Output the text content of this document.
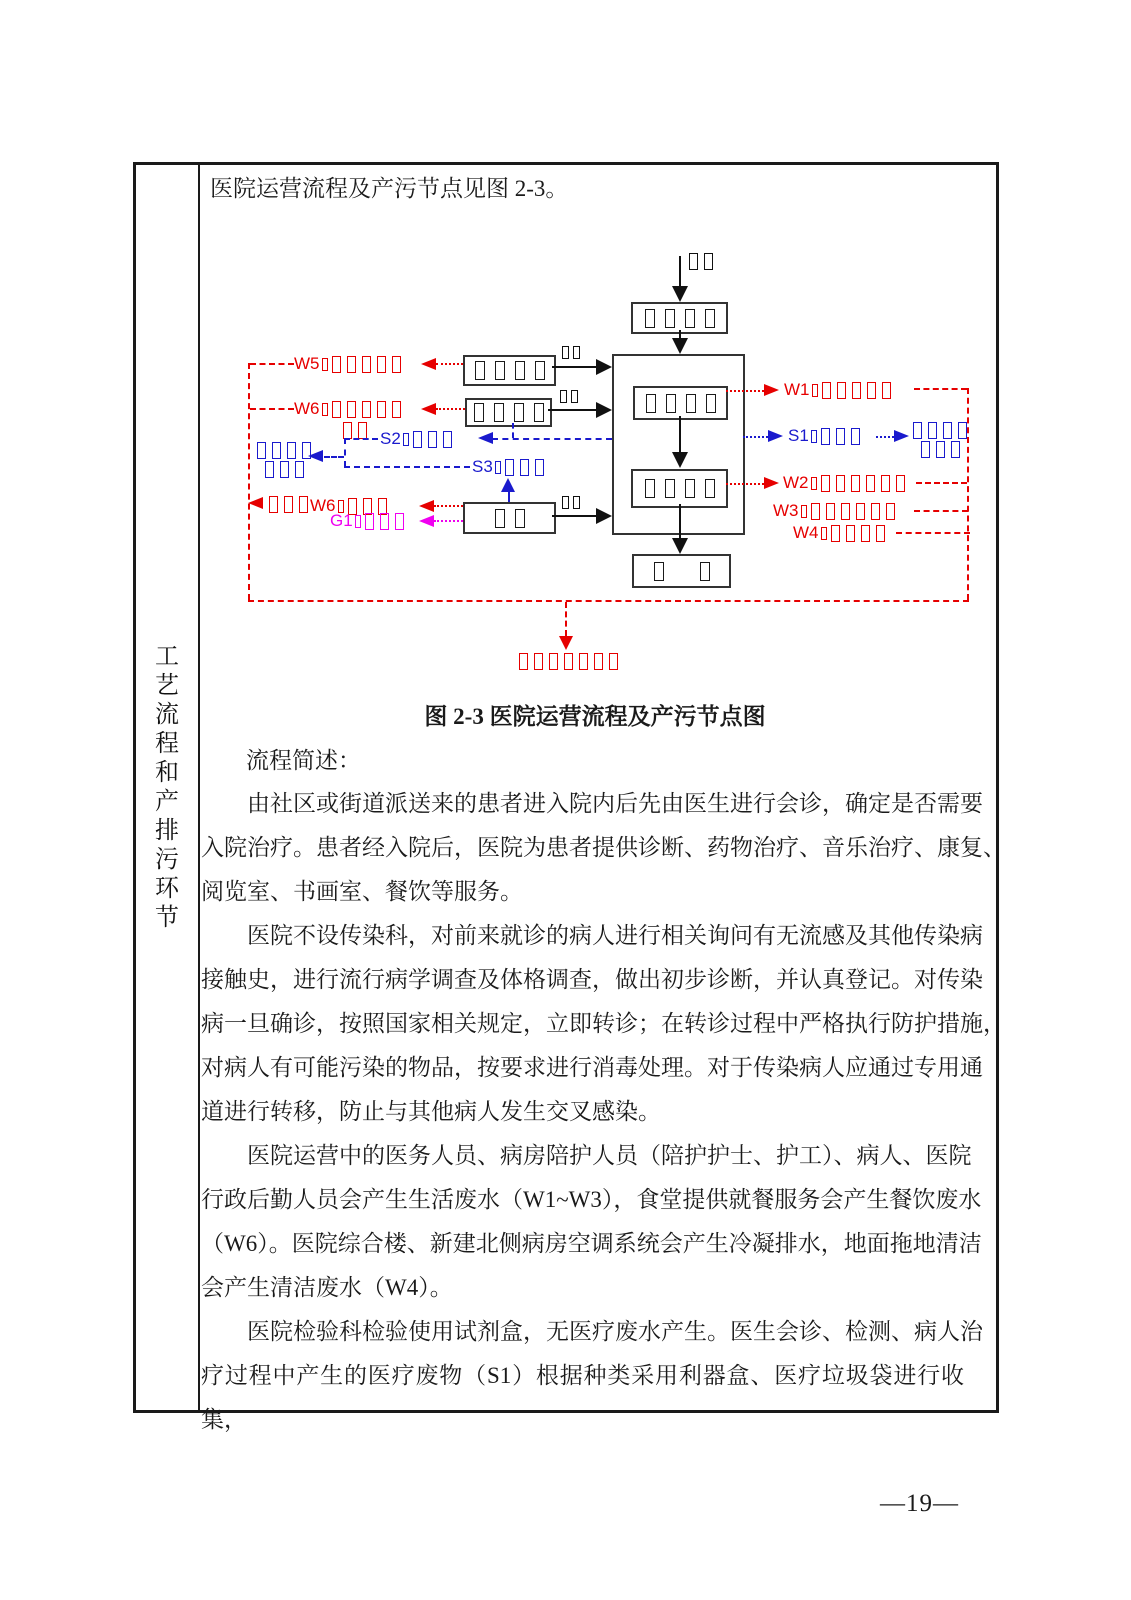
工
艺
流
程
和
产
排
污
环
节
医院运营流程及产污节点见图 2-3。
W5
W6
S2
S3
W6
G1
W1
S1
W2
W3
W4
图 2-3 医院运营流程及产污节点图
流程简述：
由社区或街道派送来的患者进入院内后先由医生进行会诊，确定是否需要
入院治疗。患者经入院后，医院为患者提供诊断、药物治疗、音乐治疗、康复、
阅览室、书画室、餐饮等服务。
医院不设传染科，对前来就诊的病人进行相关询问有无流感及其他传染病
接触史，进行流行病学调查及体格调查，做出初步诊断，并认真登记。对传染
病一旦确诊，按照国家相关规定，立即转诊；在转诊过程中严格执行防护措施，
对病人有可能污染的物品，按要求进行消毒处理。对于传染病人应通过专用通
道进行转移，防止与其他病人发生交叉感染。
医院运营中的医务人员、病房陪护人员（陪护护士、护工）、病人、医院
行政后勤人员会产生生活废水（W1~W3），食堂提供就餐服务会产生餐饮废水
（W6）。医院综合楼、新建北侧病房空调系统会产生冷凝排水，地面拖地清洁
会产生清洁废水（W4）。
医院检验科检验使用试剂盒，无医疗废水产生。医生会诊、检测、病人治
疗过程中产生的医疗废物（S1）根据种类采用利器盒、医疗垃圾袋进行收集，
—19—
